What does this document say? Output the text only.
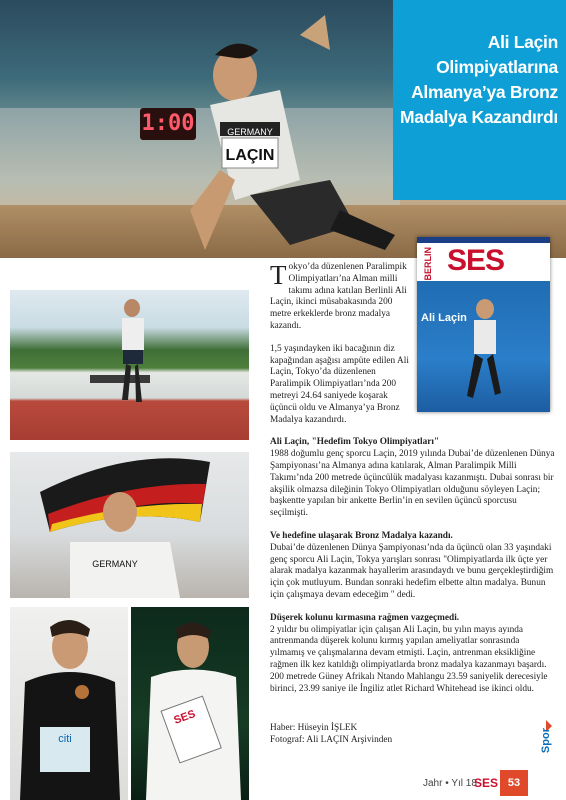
1:00	GERMANY
LAÇIN
Ali Laçin Olimpiyatlarına Almanya’ya Bronz Madalya Kazandırdı
GERMANY
citi
SES
BERLIN SES
Ali Laçin

Tokyo’da düzenlenen Paralimpik Olimpiyatları’na Alman milli takımı adına katılan Berlinli Ali Laçin, ikinci müsabakasında 200 metre erkeklerde bronz madalya kazandı.

1,5 yaşındayken iki bacağının diz kapağından aşağısı ampüte edilen Ali Laçin, Tokyo’da düzenlenen Paralimpik Olimpiyatları’nda 200 metreyi 24.64 saniyede koşarak üçüncü oldu ve Almanya’ya Bronz Madalya kazandırdı.

Ali Laçin, "Hedefim Tokyo Olimpiyatları"
1988 doğumlu genç sporcu Laçin, 2019 yılında Dubai’de düzenlenen Dünya Şampiyonası’na Almanya adına katılarak, Alman Paralimpik Milli Takımı’nda 200 metrede üçüncülük madalyası kazanmıştı. Dubai sonrası bir akşilik olmazsa dileğinin Tokyo Olimpiyatları olduğunu söyleyen Laçin; başkentte yapılan bir ankette Berlin’in en sevilen üçüncü sporcusu seçilmişti.

Ve hedefine ulaşarak Bronz Madalya kazandı.
Dubai’de düzenlenen Dünya Şampiyonası’nda da üçüncü olan 33 yaşındaki genç sporcu Ali Laçin, Tokya yarışları sonrası "Olimpiyatlarda ilk üçte yer alarak madalya kazanmak hayallerim arasındaydı ve bunu gerçekleştirdiğim için çok mutluyum. Bundan sonraki hedefim elbette altın madalya. Bunun için çalışmaya devam edeceğim " dedi.

Düşerek kolunu kırmasına rağmen vazgeçmedi.
2 yıldır bu olimpiyatlar için çalışan Ali Laçin, bu yılın mayıs ayında antrenmanda düşerek kolunu kırmış yapılan ameliyatlar sonrasında yılmamış ve çalışmalarına devam etmişti. Laçin, antrenman eksikliğine rağmen ilk kez katıldığı olimpiyatlarda bronz madalya kazanmayı başardı. 200 metrede Güney Afrikalı Ntando Mahlangu 23.59 saniyelik derecesiyle birinci, 23.99 saniye ile İngiliz atlet Richard Whitehead ise ikinci oldu.

Haber: Hüseyin İŞLEK
Fotograf: Ali LAÇIN Arşivinden	Spor
Jahr • Yıl 18
SES 53
